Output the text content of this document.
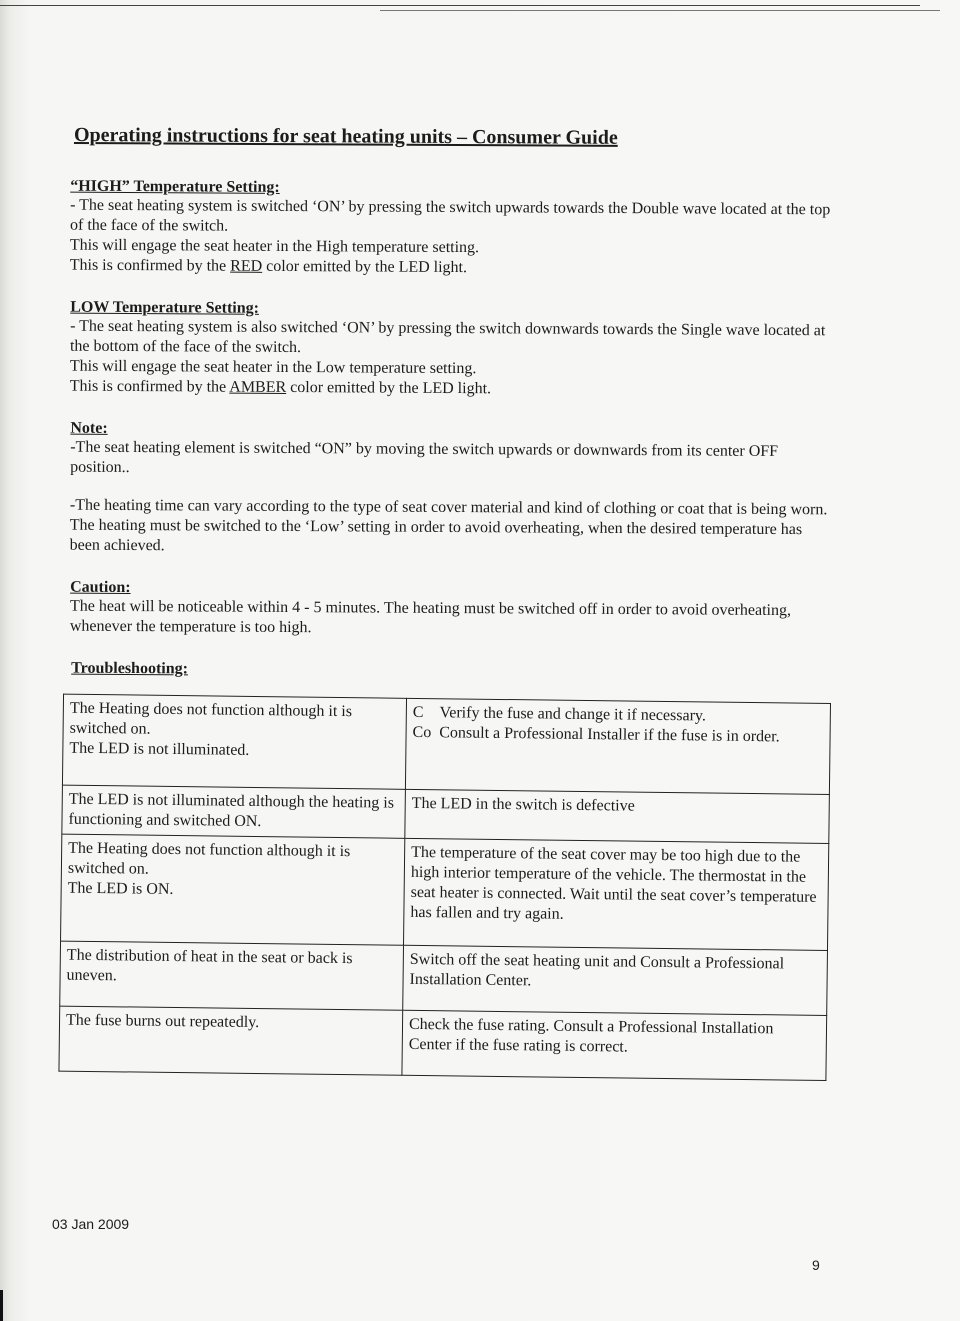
Operating instructions for seat heating units – Consumer Guide

“HIGH” Temperature Setting:

- The seat heating system is switched ‘ON’ by pressing the switch upwards towards the Double wave located at the top of the face of the switch.

This will engage the seat heater in the High temperature setting.

This is confirmed by the RED color emitted by the LED light.

LOW Temperature Setting:

- The seat heating system is also switched ‘ON’ by pressing the switch downwards towards the Single wave located at the bottom of the face of the switch.

This will engage the seat heater in the Low temperature setting.

This is confirmed by the AMBER color emitted by the LED light.

Note:

-The seat heating element is switched “ON” by moving the switch upwards or downwards from its center OFF position..

-The heating time can vary according to the type of seat cover material and kind of clothing or coat that is being worn. The heating must be switched to the ‘Low’ setting in order to avoid overheating, when the desired temperature has been achieved.

Caution:

The heat will be noticeable within 4 - 5 minutes. The heating must be switched off in order to avoid overheating, whenever the temperature is too high.

Troubleshooting:

The Heating does not function although it is switched on.
The LED is not illuminated.	C    Verify the fuse and change it if necessary.
Co  Consult a Professional Installer if the fuse is in order.

The LED is not illuminated although the heating is functioning and switched ON.	The LED in the switch is defective

The Heating does not function although it is switched on.
The LED is ON.	The temperature of the seat cover may be too high due to the high interior temperature of the vehicle. The thermostat in the seat heater is connected. Wait until the seat cover’s temperature has fallen and try again.

The distribution of heat in the seat or back is uneven.	Switch off the seat heating unit and Consult a Professional Installation Center.

The fuse burns out repeatedly.	Check the fuse rating. Consult a Professional Installation Center if the fuse rating is correct.
03 Jan 2009
9
